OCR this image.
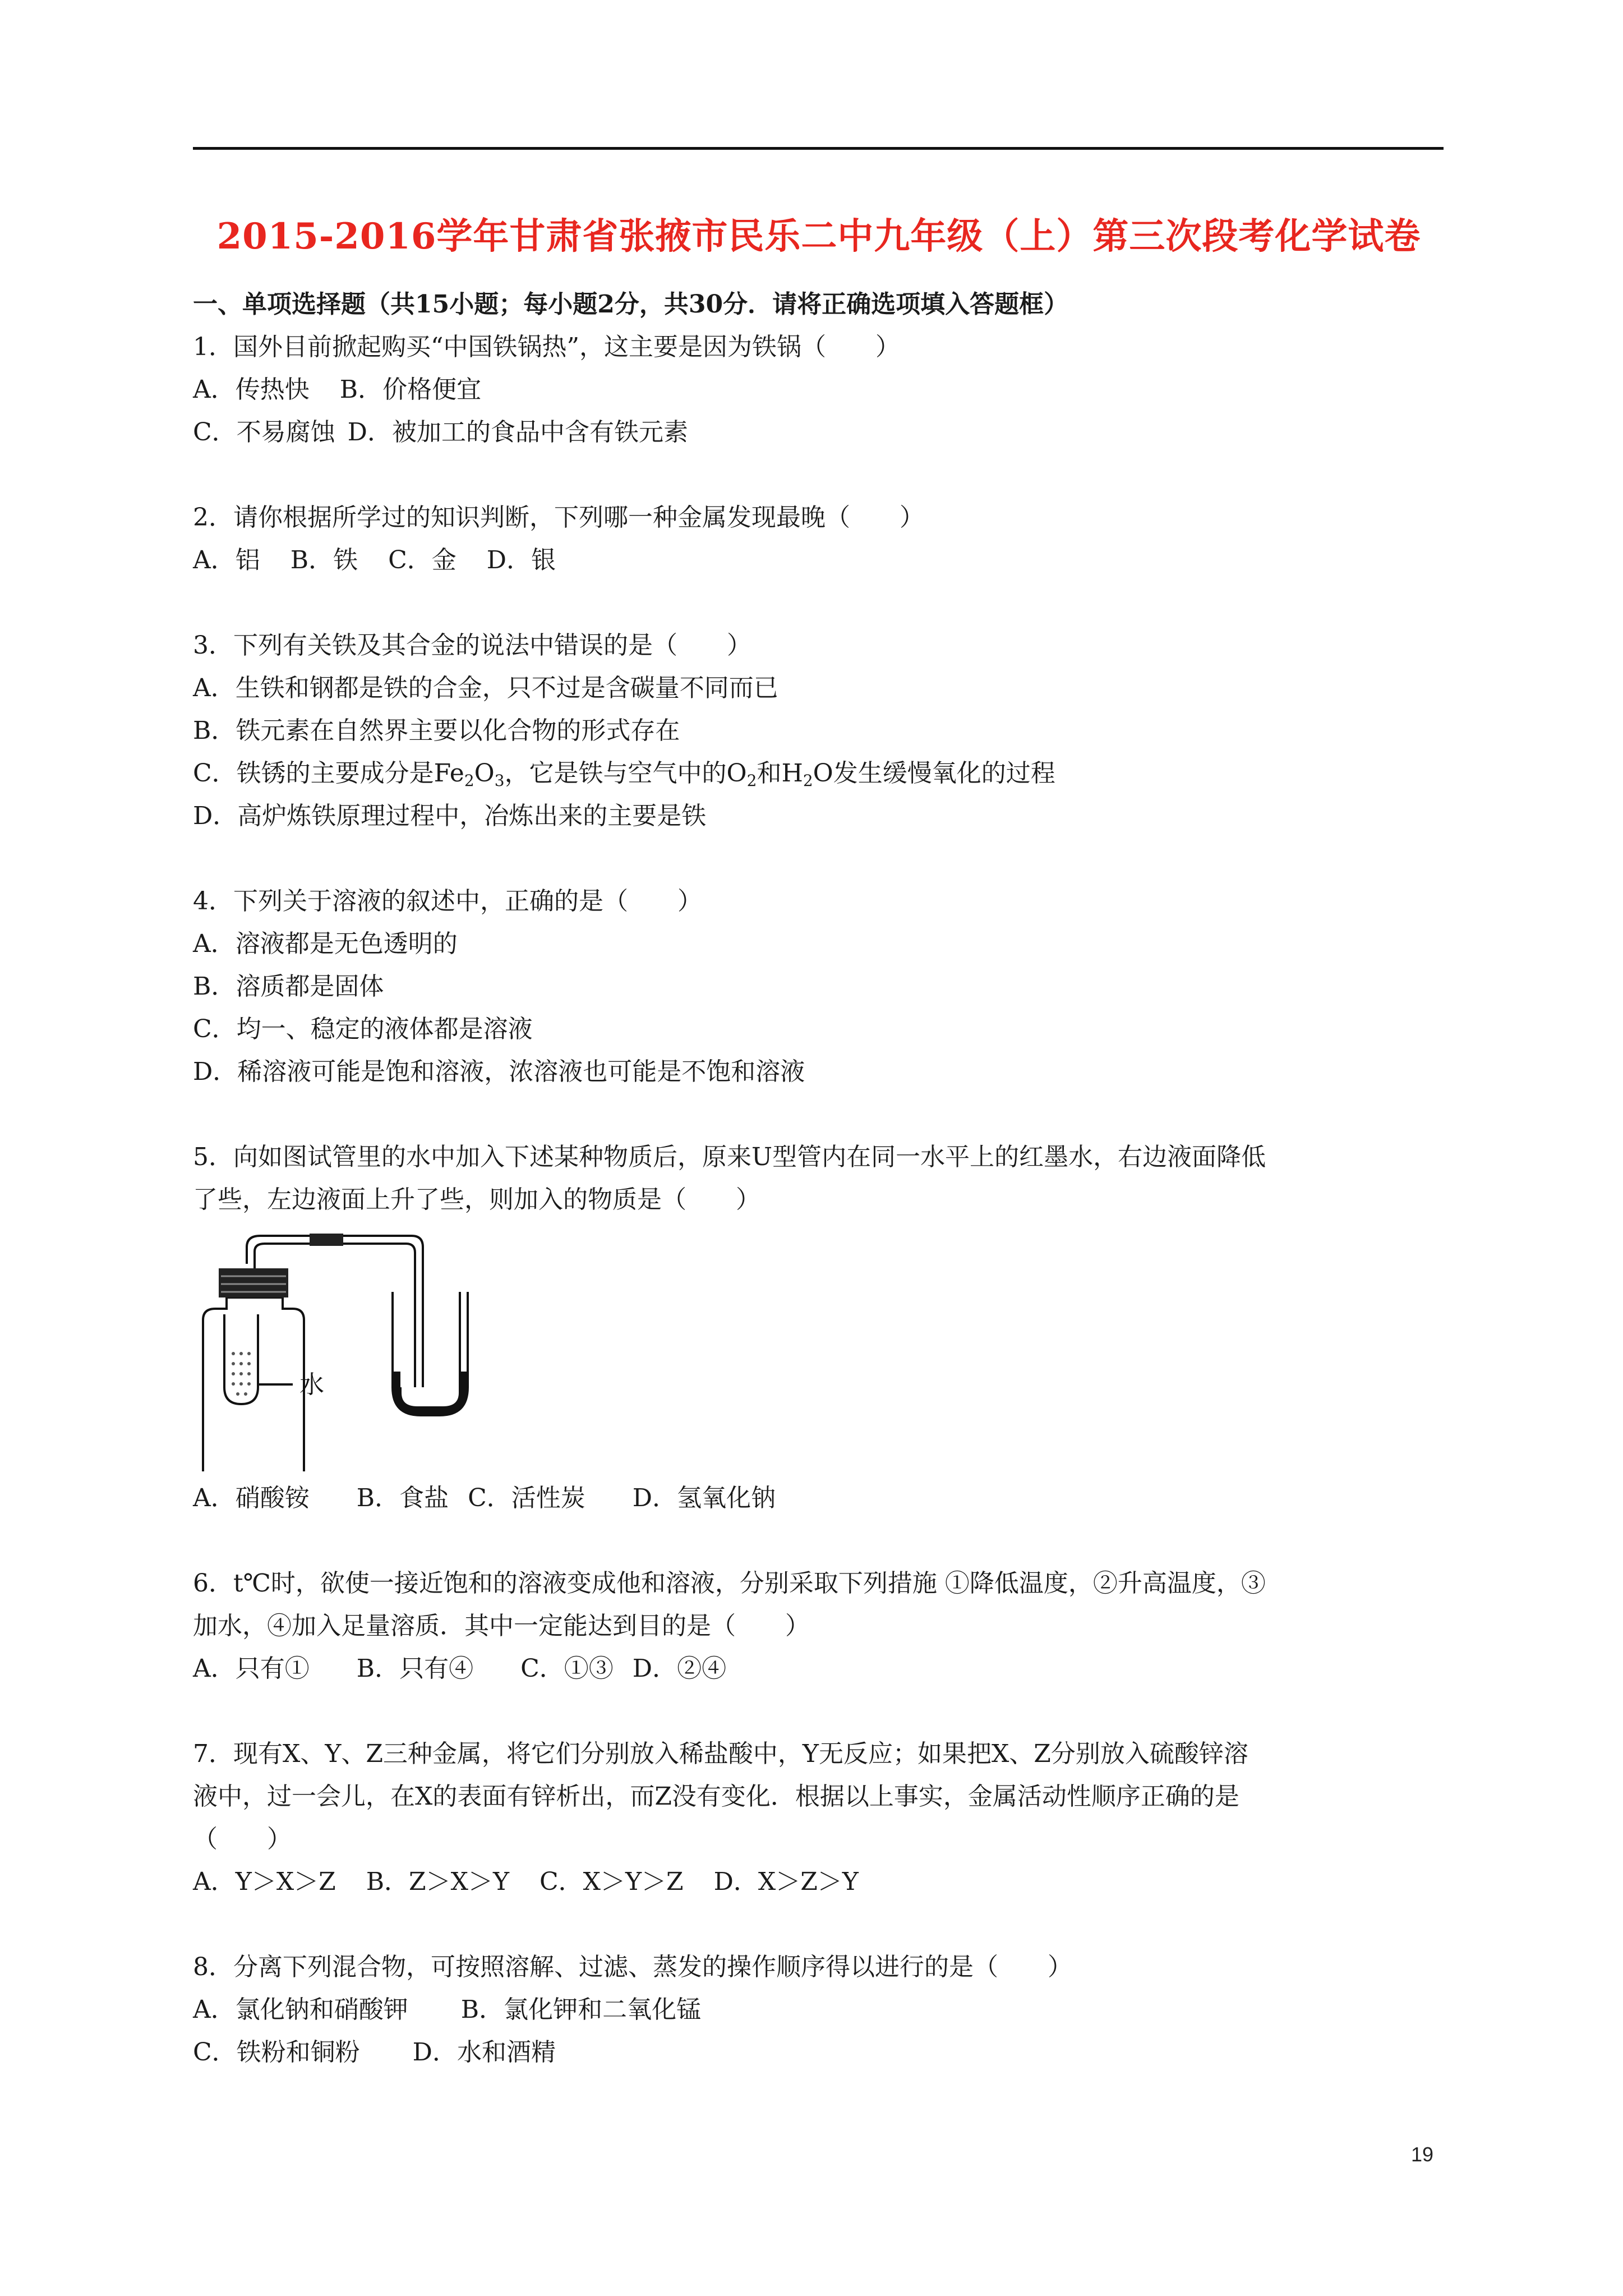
2015-2016学年甘肃省张掖市民乐二中九年级（上）第三次段考化学试卷
一、单项选择题（共15小题；每小题2分，共30分．请将正确选项填入答题框）
1．国外目前掀起购买“中国铁锅热”，这主要是因为铁锅（　　）
A．传热快 B．价格便宜
C．不易腐蚀 D．被加工的食品中含有铁元素
2．请你根据所学过的知识判断，下列哪一种金属发现最晚（　　）
A．铝 B．铁 C．金 D．银
3．下列有关铁及其合金的说法中错误的是（　　）
A．生铁和钢都是铁的合金，只不过是含碳量不同而已
B．铁元素在自然界主要以化合物的形式存在
C．铁锈的主要成分是$Fe_2O_3$，它是铁与空气中的$O_2$和$H_2O$发生缓慢氧化的过程
D．高炉炼铁原理过程中，冶炼出来的主要是铁
4．下列关于溶液的叙述中，正确的是（　　）
A．溶液都是无色透明的
B．溶质都是固体
C．均一、稳定的液体都是溶液
D．稀溶液可能是饱和溶液，浓溶液也可能是不饱和溶液
5．向如图试管里的水中加入下述某种物质后，原来U型管内在同一水平上的红墨水，右边液面降低
了些，左边液面上升了些，则加入的物质是（　　）
水
A．硝酸铵 B．食盐 C．活性炭 D．氢氧化钠
6．t℃时，欲使一接近饱和的溶液变成他和溶液，分别采取下列措施 ①降低温度，②升高温度，③
加水，④加入足量溶质．其中一定能达到目的是（　　）
A．只有① B．只有④ C．①③ D．②④
7．现有X、Y、Z三种金属，将它们分别放入稀盐酸中，Y无反应；如果把X、Z分别放入硫酸锌溶
液中，过一会儿，在X的表面有锌析出，而Z没有变化．根据以上事实，金属活动性顺序正确的是
（　　）
A．Y＞X＞Z B．Z＞X＞Y C．X＞Y＞Z D．X＞Z＞Y
8．分离下列混合物，可按照溶解、过滤、蒸发的操作顺序得以进行的是（　　）
A．氯化钠和硝酸钾 B．氯化钾和二氧化锰
C．铁粉和铜粉 D．水和酒精
19
